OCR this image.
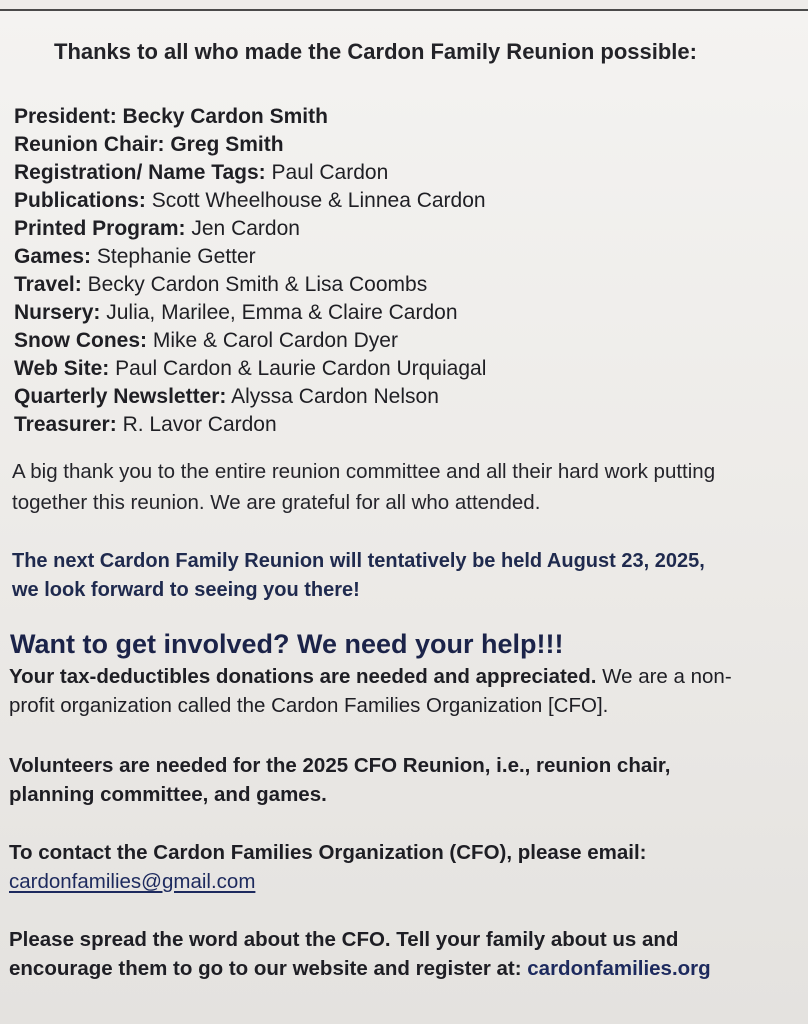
Thanks to all who made the Cardon Family Reunion possible:
President: Becky Cardon Smith
Reunion Chair: Greg Smith
Registration/ Name Tags: Paul Cardon
Publications: Scott Wheelhouse & Linnea Cardon
Printed Program: Jen Cardon
Games: Stephanie Getter
Travel: Becky Cardon Smith & Lisa Coombs
Nursery: Julia, Marilee, Emma & Claire Cardon
Snow Cones: Mike & Carol Cardon Dyer
Web Site: Paul Cardon & Laurie Cardon Urquiagal
Quarterly Newsletter: Alyssa Cardon Nelson
Treasurer: R. Lavor Cardon
A big thank you to the entire reunion committee and all their hard work putting
together this reunion. We are grateful for all who attended.
The next Cardon Family Reunion will tentatively be held August 23, 2025,
we look forward to seeing you there!
Want to get involved? We need your help!!!
Your tax-deductibles donations are needed and appreciated. We are a non-
profit organization called the Cardon Families Organization [CFO].
Volunteers are needed for the 2025 CFO Reunion, i.e., reunion chair,
planning committee, and games.
To contact the Cardon Families Organization (CFO), please email:
cardonfamilies@gmail.com
Please spread the word about the CFO. Tell your family about us and
encourage them to go to our website and register at: cardonfamilies.org
